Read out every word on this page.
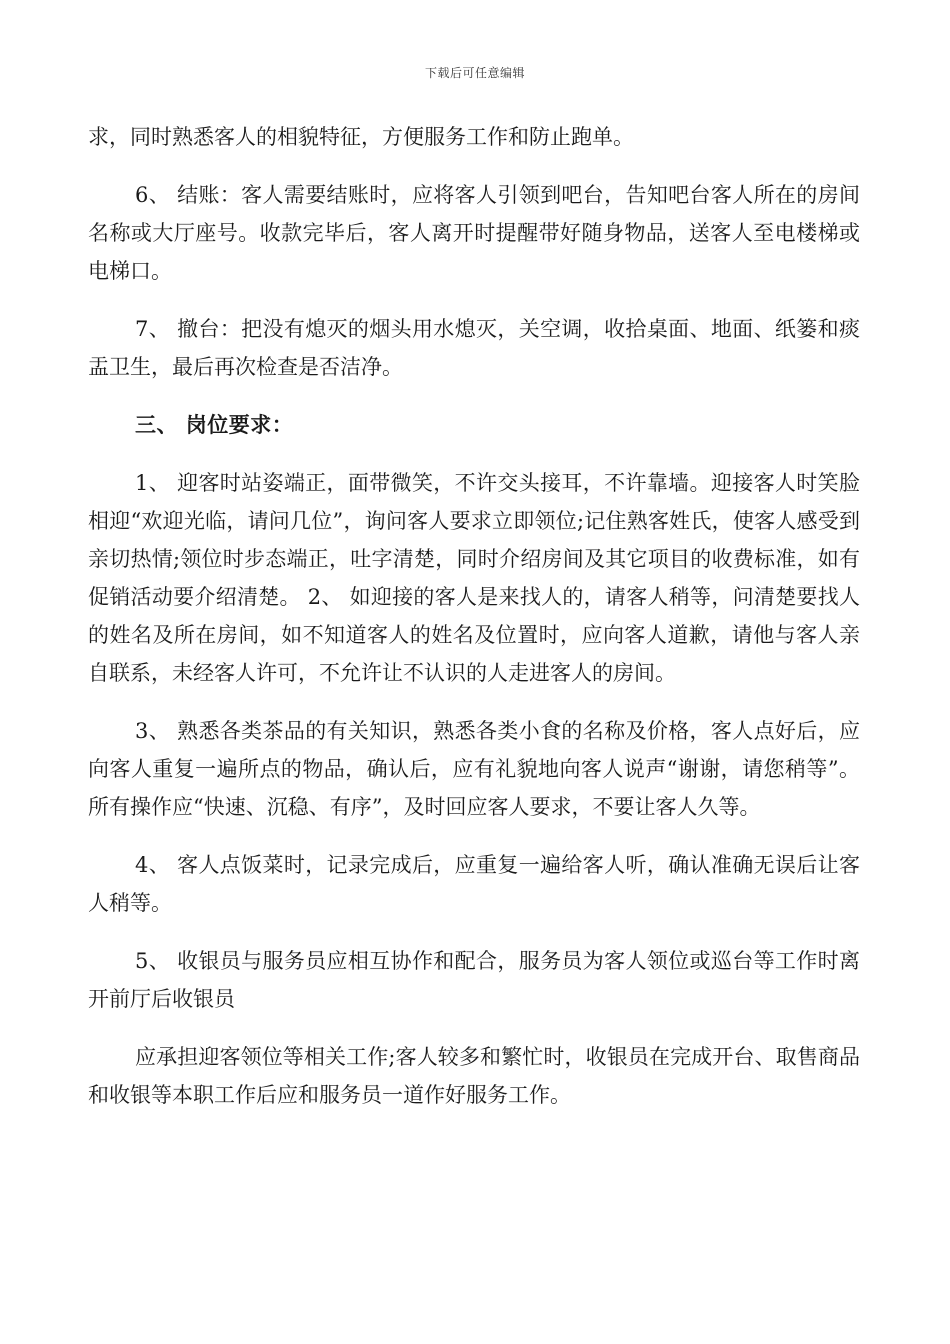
下载后可任意编辑

求，同时熟悉客人的相貌特征，方便服务工作和防止跑单。

6、 结账：客人需要结账时，应将客人引领到吧台，告知吧台客人所在的房间名称或大厅座号。收款完毕后，客人离开时提醒带好随身物品，送客人至电楼梯或电梯口。

7、 撤台：把没有熄灭的烟头用水熄灭，关空调，收拾桌面、地面、纸篓和痰盂卫生，最后再次检查是否洁净。

三、 岗位要求：

1、 迎客时站姿端正，面带微笑，不许交头接耳，不许靠墙。迎接客人时笑脸相迎“欢迎光临，请问几位”，询问客人要求立即领位;记住熟客姓氏，使客人感受到亲切热情;领位时步态端正，吐字清楚，同时介绍房间及其它项目的收费标准，如有促销活动要介绍清楚。 2、 如迎接的客人是来找人的，请客人稍等，问清楚要找人的姓名及所在房间，如不知道客人的姓名及位置时，应向客人道歉，请他与客人亲自联系，未经客人许可，不允许让不认识的人走进客人的房间。

3、 熟悉各类茶品的有关知识，熟悉各类小食的名称及价格，客人点好后，应向客人重复一遍所点的物品，确认后，应有礼貌地向客人说声“谢谢，请您稍等”。所有操作应“快速、沉稳、有序”，及时回应客人要求，不要让客人久等。

4、 客人点饭菜时，记录完成后，应重复一遍给客人听，确认准确无误后让客人稍等。

5、 收银员与服务员应相互协作和配合，服务员为客人领位或巡台等工作时离开前厅后收银员

应承担迎客领位等相关工作;客人较多和繁忙时，收银员在完成开台、取售商品和收银等本职工作后应和服务员一道作好服务工作。
